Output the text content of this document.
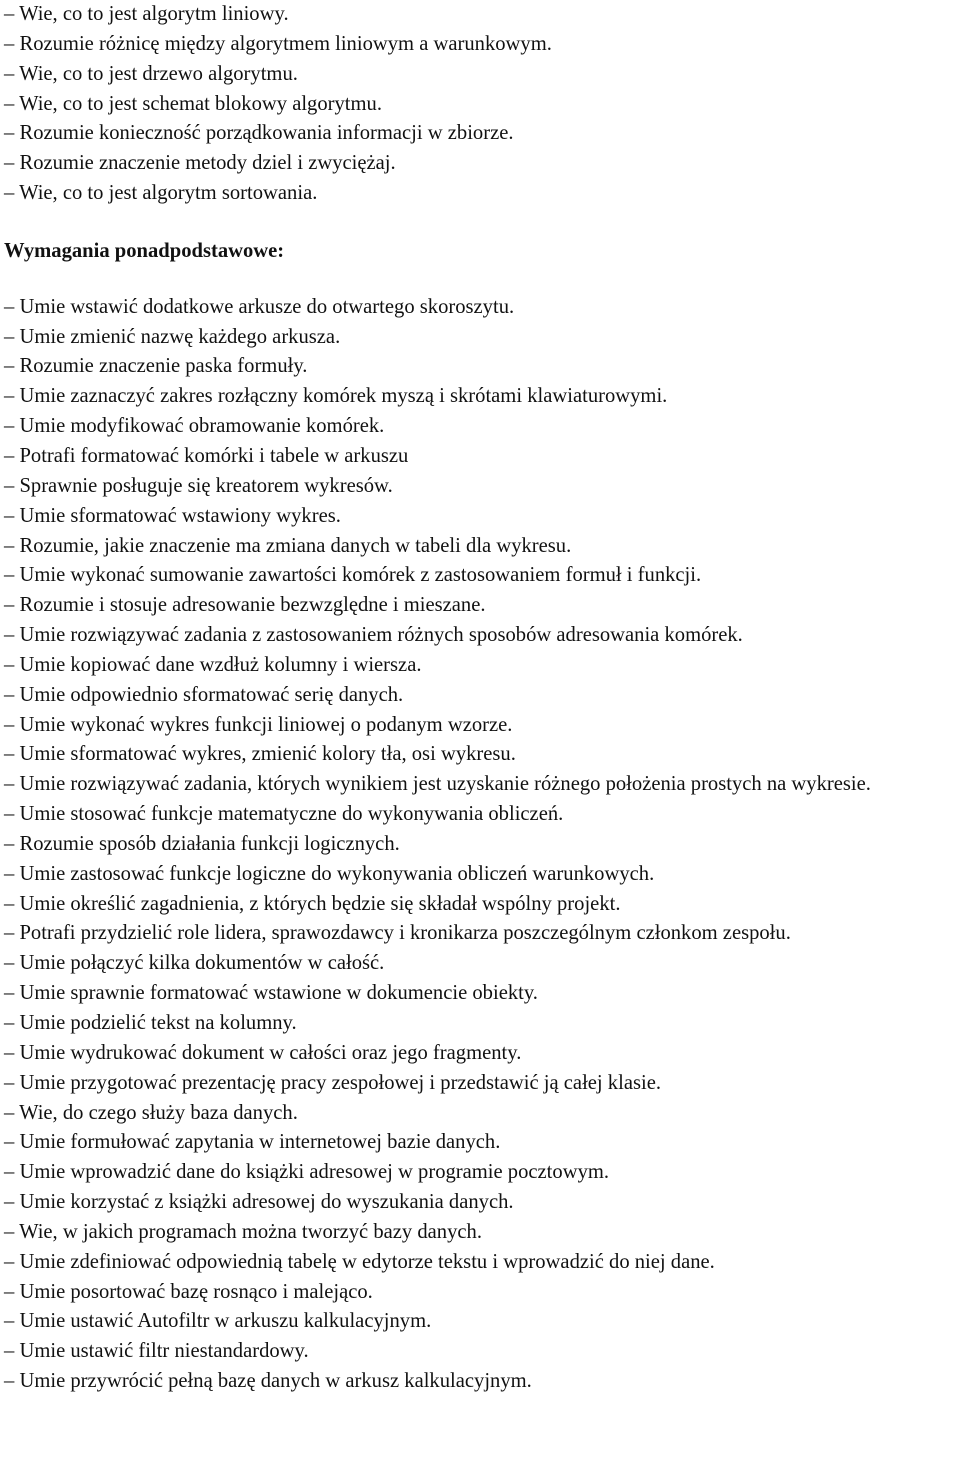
– Wie, co to jest algorytm liniowy.
– Rozumie różnicę między algorytmem liniowym a warunkowym.
– Wie, co to jest drzewo algorytmu.
– Wie, co to jest schemat blokowy algorytmu.
– Rozumie konieczność porządkowania informacji w zbiorze.
– Rozumie znaczenie metody dziel i zwyciężaj.
– Wie, co to jest algorytm sortowania.
Wymagania ponadpodstawowe:
– Umie wstawić dodatkowe arkusze do otwartego skoroszytu.
– Umie zmienić nazwę każdego arkusza.
– Rozumie znaczenie paska formuły.
– Umie zaznaczyć zakres rozłączny komórek myszą i skrótami klawiaturowymi.
– Umie modyfikować obramowanie komórek.
– Potrafi formatować komórki i tabele w arkuszu
– Sprawnie posługuje się kreatorem wykresów.
– Umie sformatować wstawiony wykres.
– Rozumie, jakie znaczenie ma zmiana danych w tabeli dla wykresu.
– Umie wykonać sumowanie zawartości komórek z zastosowaniem formuł i funkcji.
– Rozumie i stosuje adresowanie bezwzględne i mieszane.
– Umie rozwiązywać zadania z zastosowaniem różnych sposobów adresowania komórek.
– Umie kopiować dane wzdłuż kolumny i wiersza.
– Umie odpowiednio sformatować serię danych.
– Umie wykonać wykres funkcji liniowej o podanym wzorze.
– Umie sformatować wykres, zmienić kolory tła, osi wykresu.
– Umie rozwiązywać zadania, których wynikiem jest uzyskanie różnego położenia prostych na wykresie.
– Umie stosować funkcje matematyczne do wykonywania obliczeń.
– Rozumie sposób działania funkcji logicznych.
– Umie zastosować funkcje logiczne do wykonywania obliczeń warunkowych.
– Umie określić zagadnienia, z których będzie się składał wspólny projekt.
– Potrafi przydzielić role lidera, sprawozdawcy i kronikarza poszczególnym członkom zespołu.
– Umie połączyć kilka dokumentów w całość.
– Umie sprawnie formatować wstawione w dokumencie obiekty.
– Umie podzielić tekst na kolumny.
– Umie wydrukować dokument w całości oraz jego fragmenty.
– Umie przygotować prezentację pracy zespołowej i przedstawić ją całej klasie.
– Wie, do czego służy baza danych.
– Umie formułować zapytania w internetowej bazie danych.
– Umie wprowadzić dane do książki adresowej w programie pocztowym.
– Umie korzystać z książki adresowej do wyszukania danych.
– Wie, w jakich programach można tworzyć bazy danych.
– Umie zdefiniować odpowiednią tabelę w edytorze tekstu i wprowadzić do niej dane.
– Umie posortować bazę rosnąco i malejąco.
– Umie ustawić Autofiltr w arkuszu kalkulacyjnym.
– Umie ustawić filtr niestandardowy.
– Umie przywrócić pełną bazę danych w arkusz kalkulacyjnym.
